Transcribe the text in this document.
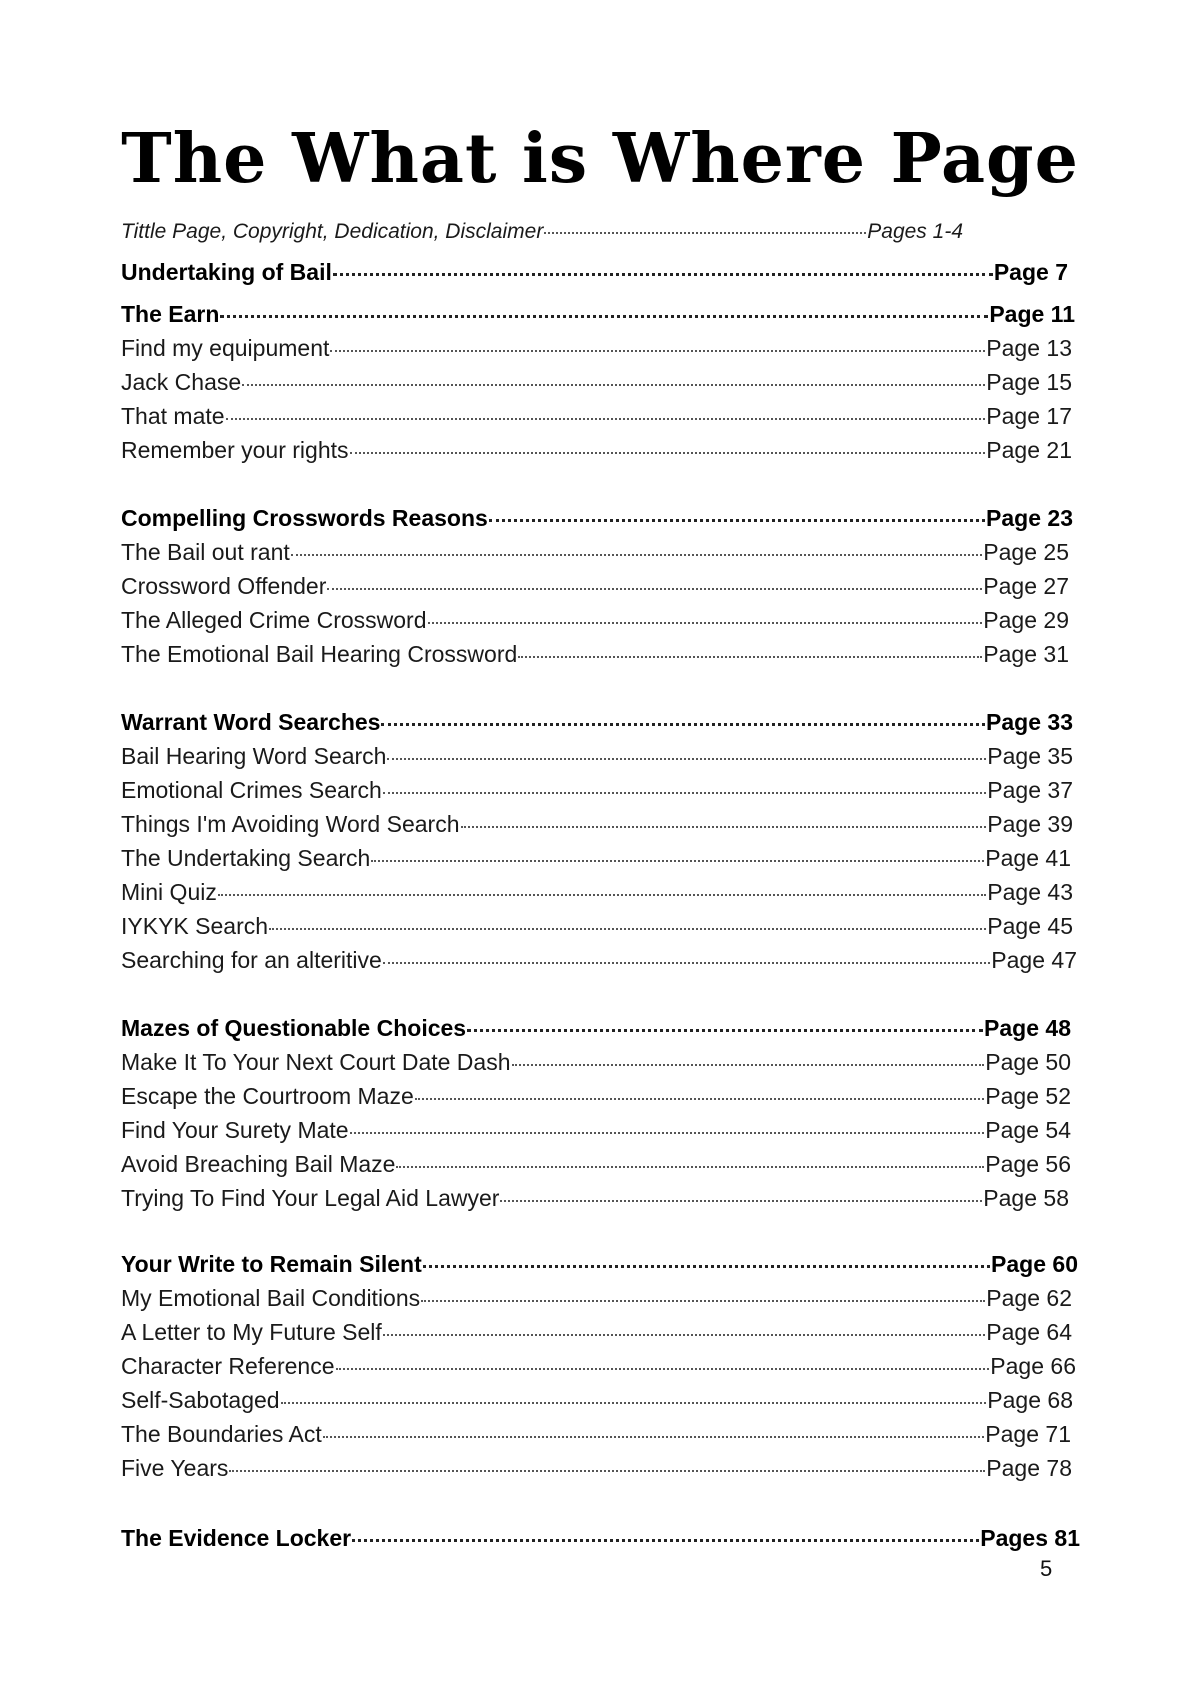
The What is Where Page
Tittle Page, Copyright, Dedication, Disclaimer	Pages 1-4
Undertaking of Bail	Page 7
The Earn	Page 11
Find my equipument	Page 13
Jack Chase	Page 15
That mate	Page 17
Remember your rights	Page 21
Compelling Crosswords Reasons	Page 23
The Bail out rant	Page 25
Crossword Offender	Page 27
The Alleged Crime Crossword	Page 29
The Emotional Bail Hearing Crossword	Page 31
Warrant Word Searches	Page 33
Bail Hearing Word Search	Page 35
Emotional Crimes Search	Page 37
Things I'm Avoiding Word Search	Page 39
The Undertaking Search	Page 41
Mini Quiz	Page 43
IYKYK Search	Page 45
Searching for an alteritive	Page 47
Mazes of Questionable Choices	Page 48
Make It To Your Next Court Date Dash	Page 50
Escape the Courtroom Maze	Page 52
Find Your Surety Mate	Page 54
Avoid Breaching Bail Maze	Page 56
Trying To Find Your Legal Aid Lawyer	Page 58
Your Write to Remain Silent	Page 60
My Emotional Bail Conditions	Page 62
A Letter to My Future Self	Page 64
Character Reference	Page 66
Self-Sabotaged	Page 68
The Boundaries Act	Page 71
Five Years	Page 78
The Evidence Locker	Pages 81
5
